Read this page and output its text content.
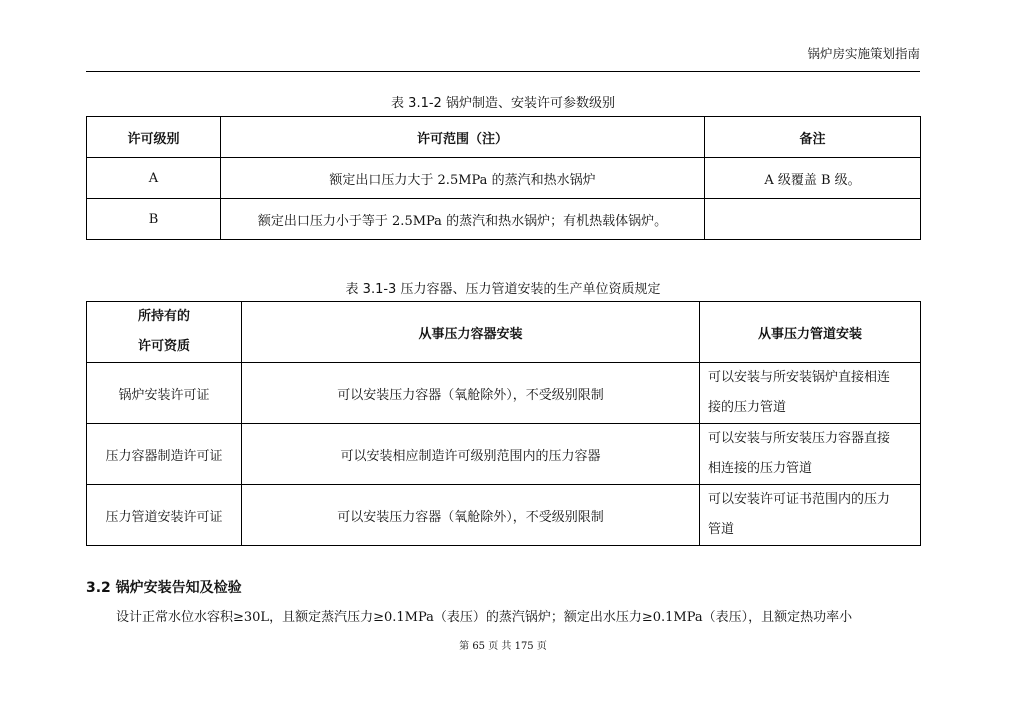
锅炉房实施策划指南
表 3.1-2 锅炉制造、安装许可参数级别
许可级别	许可范围（注）	备注
A	额定出口压力大于 2.5MPa 的蒸汽和热水锅炉	A 级覆盖 B 级。
B	额定出口压力小于等于 2.5MPa 的蒸汽和热水锅炉；有机热载体锅炉。	
表 3.1-3 压力容器、压力管道安装的生产单位资质规定
所持有的
许可资质	从事压力容器安装	从事压力管道安装
锅炉安装许可证	可以安装压力容器（氧舱除外），不受级别限制	可以安装与所安装锅炉直接相连
接的压力管道

压力容器制造许可证	可以安装相应制造许可级别范围内的压力容器	可以安装与所安装压力容器直接
相连接的压力管道

压力管道安装许可证	可以安装压力容器（氧舱除外），不受级别限制	可以安装许可证书范围内的压力
管道
3.2 锅炉安装告知及检验
设计正常水位水容积≥30L，且额定蒸汽压力≥0.1MPa（表压）的蒸汽锅炉；额定出水压力≥0.1MPa（表压），且额定热功率小
第 65 页 共 175 页
